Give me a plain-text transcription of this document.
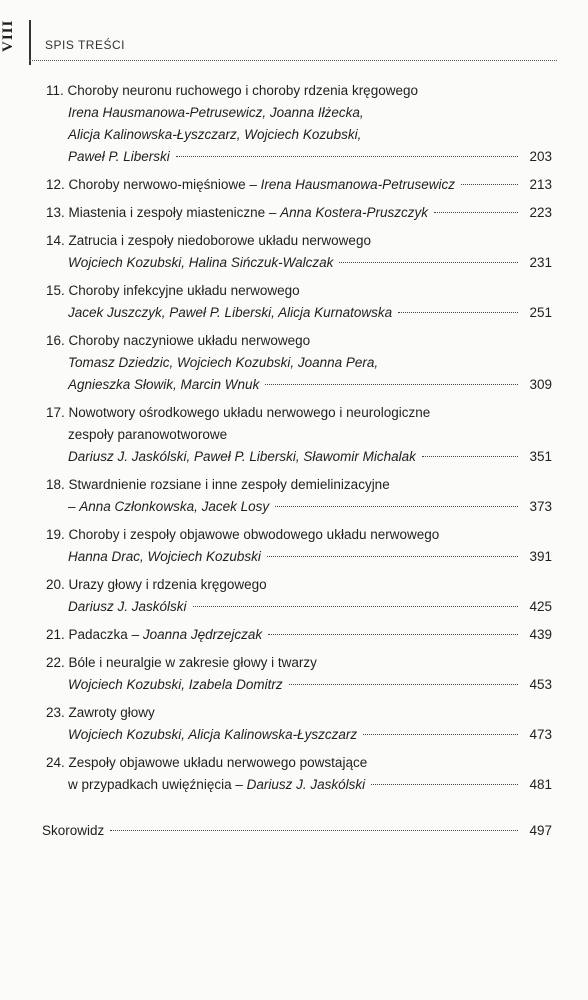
VIII SPIS TREŚCI
11. Choroby neuronu ruchowego i choroby rdzenia kręgowego
Irena Hausmanowa-Petrusewicz, Joanna Iłżecka,
Alicja Kalinowska-Łyszczarz, Wojciech Kozubski,
Paweł P. Liberski	203
12. Choroby nerwowo-mięśniowe – Irena Hausmanowa-Petrusewicz	213
13. Miastenia i zespoły miasteniczne – Anna Kostera-Pruszczyk	223
14. Zatrucia i zespoły niedoborowe układu nerwowego
Wojciech Kozubski, Halina Sińczuk-Walczak	231
15. Choroby infekcyjne układu nerwowego
Jacek Juszczyk, Paweł P. Liberski, Alicja Kurnatowska	251
16. Choroby naczyniowe układu nerwowego
Tomasz Dziedzic, Wojciech Kozubski, Joanna Pera,
Agnieszka Słowik, Marcin Wnuk	309
17. Nowotwory ośrodkowego układu nerwowego i neurologiczne
zespoły paranowotworowe
Dariusz J. Jaskólski, Paweł P. Liberski, Sławomir Michalak	351
18. Stwardnienie rozsiane i inne zespoły demielinizacyjne
– Anna Członkowska, Jacek Losy	373
19. Choroby i zespoły objawowe obwodowego układu nerwowego
Hanna Drac, Wojciech Kozubski	391
20. Urazy głowy i rdzenia kręgowego
Dariusz J. Jaskólski	425
21. Padaczka – Joanna Jędrzejczak	439
22. Bóle i neuralgie w zakresie głowy i twarzy
Wojciech Kozubski, Izabela Domitrz	453
23. Zawroty głowy
Wojciech Kozubski, Alicja Kalinowska-Łyszczarz	473
24. Zespoły objawowe układu nerwowego powstające
w przypadkach uwięźnięcia – Dariusz J. Jaskólski	481
Skorowidz	497
